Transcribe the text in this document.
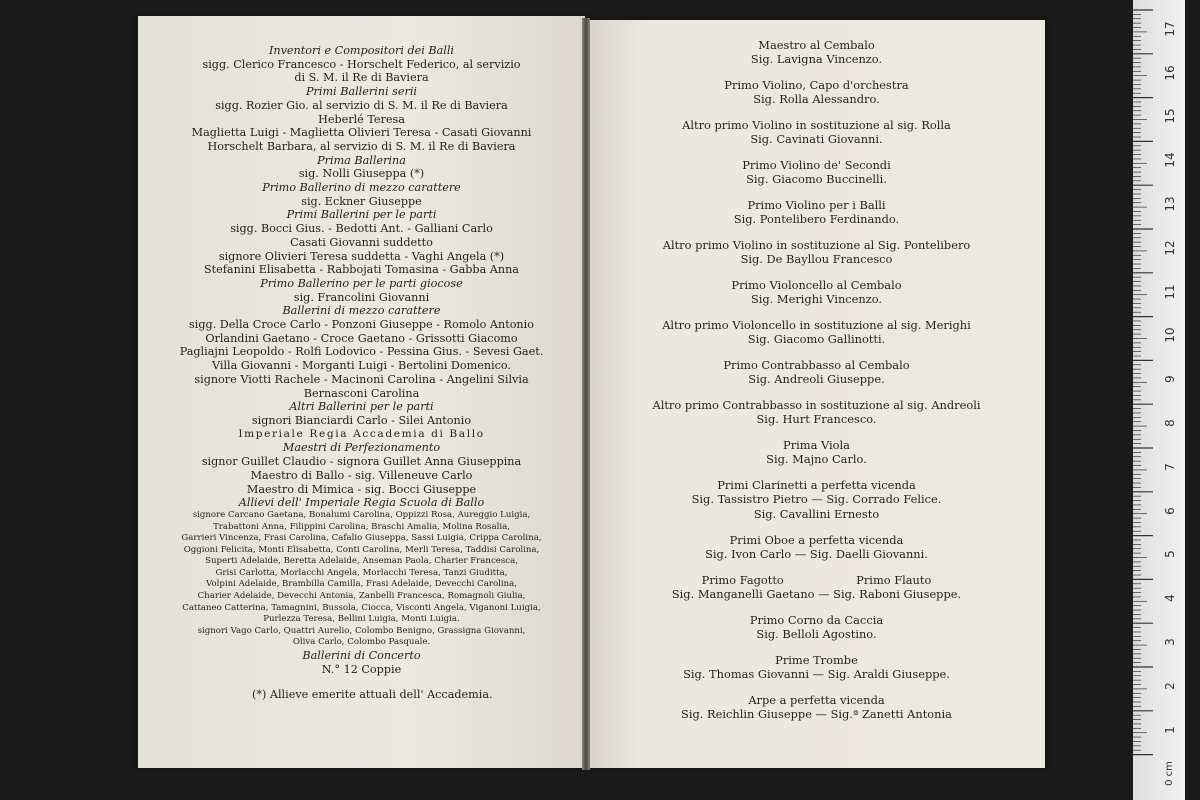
Inventori e Compositori dei Balli
sigg. Clerico Francesco - Horschelt Federico, al servizio
di S. M. il Re di Baviera
Primi Ballerini serii
sigg. Rozier Gio. al servizio di S. M. il Re di Baviera
Heberlé Teresa
Maglietta Luigi - Maglietta Olivieri Teresa - Casati Giovanni
Horschelt Barbara, al servizio di S. M. il Re di Baviera
Prima Ballerina
sig. Nolli Giuseppa (*)
Primo Ballerino di mezzo carattere
sig. Eckner Giuseppe
Primi Ballerini per le parti
sigg. Bocci Gius. - Bedotti Ant. - Galliani Carlo
Casati Giovanni suddetto
signore Olivieri Teresa suddetta - Vaghi Angela (*)
Stefanini Elisabetta - Rabbojati Tomasina - Gabba Anna
Primo Ballerino per le parti giocose
sig. Francolini Giovanni
Ballerini di mezzo carattere
sigg. Della Croce Carlo - Ponzoni Giuseppe - Romolo Antonio
Orlandini Gaetano - Croce Gaetano - Grissotti Giacomo
Pagliajni Leopoldo - Rolfi Lodovico - Pessina Gius. - Sevesi Gaet.
Villa Giovanni - Morganti Luigi - Bertolini Domenico.
signore Viotti Rachele - Macinoni Carolina - Angelini Silvia
Bernasconi Carolina
Altri Ballerini per le parti
signori Bianciardi Carlo - Silei Antonio
Imperiale Regia Accademia di Ballo
Maestri di Perfezionamento
signor Guillet Claudio - signora Guillet Anna Giuseppina
Maestro di Ballo - sig. Villeneuve Carlo
Maestro di Mimica - sig. Bocci Giuseppe
Allievi dell' Imperiale Regia Scuola di Ballo
signore Carcano Gaetana, Bonalumi Carolina, Oppizzi Rosa, Aureggio Luigia,
Trabattoni Anna, Filippini Carolina, Braschi Amalia, Molina Rosalia,
Garrieri Vincenza, Frasi Carolina, Cafalio Giuseppa, Sassi Luigia, Crippa Carolina,
Oggioni Felicita, Monti Elisabetta, Conti Carolina, Merli Teresa, Taddisi Carolina,
Superti Adelaide, Beretta Adelaide, Anseman Paola, Charier Francesca,
Grisi Carlotta, Morlacchi Angela, Morlacchi Teresa, Tanzi Giuditta,
Volpini Adelaide, Brambilla Camilla, Frasi Adelaide, Devecchi Carolina,
Charier Adelaide, Devecchi Antonia, Zanbelli Francesca, Romagnoli Giulia,
Cattaneo Catterina, Tamagnini, Bussola, Ciocca, Visconti Angela, Viganoni Luigia,
Purlezza Teresa, Bellini Luigia, Monti Luigia.
signori Vago Carlo, Quattri Aurelio, Colombo Benigno, Grassigna Giovanni,
Oliva Carlo, Colombo Pasquale.
Ballerini di Concerto
N.° 12 Coppie
(*) Allieve emerite attuali dell' Accademia.
Maestro al Cembalo
Sig. Lavigna Vincenzo.
Primo Violino, Capo d'orchestra
Sig. Rolla Alessandro.
Altro primo Violino in sostituzione al sig. Rolla
Sig. Cavinati Giovanni.
Primo Violino de' Secondi
Sig. Giacomo Buccinelli.
Primo Violino per i Balli
Sig. Pontelibero Ferdinando.
Altro primo Violino in sostituzione al Sig. Pontelibero
Sig. De Bayllou Francesco
Primo Violoncello al Cembalo
Sig. Merighi Vincenzo.
Altro primo Violoncello in sostituzione al sig. Merighi
Sig. Giacomo Gallinotti.
Primo Contrabbasso al Cembalo
Sig. Andreoli Giuseppe.
Altro primo Contrabbasso in sostituzione al sig. Andreoli
Sig. Hurt Francesco.
Prima Viola
Sig. Majno Carlo.
Primi Clarinetti a perfetta vicenda
Sig. Tassistro Pietro — Sig. Corrado Felice.
Sig. Cavallini Ernesto
Primi Oboe a perfetta vicenda
Sig. Ivon Carlo — Sig. Daelli Giovanni.
Primo Fagotto                    Primo Flauto
Sig. Manganelli Gaetano — Sig. Raboni Giuseppe.
Primo Corno da Caccia
Sig. Belloli Agostino.
Prime Trombe
Sig. Thomas Giovanni — Sig. Araldi Giuseppe.
Arpe a perfetta vicenda
Sig. Reichlin Giuseppe — Sig.ª Zanetti Antonia
0 cm
17
16
15
14
13
12
11
10
9
8
7
6
5
4
3
2
1
